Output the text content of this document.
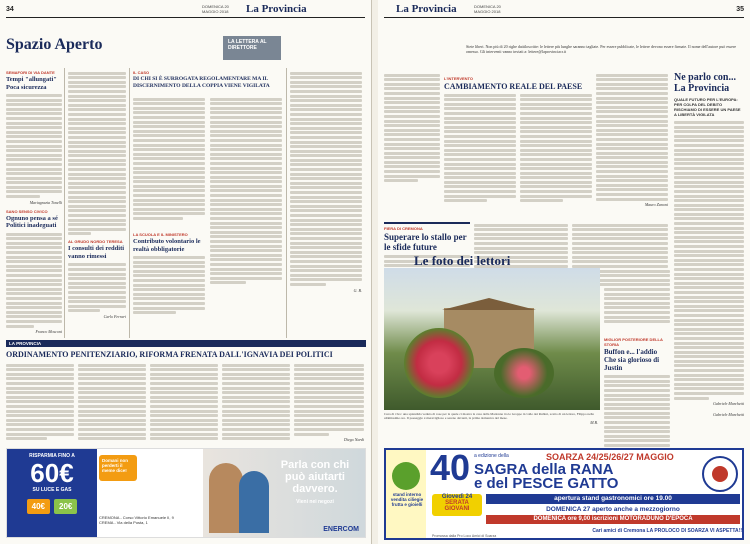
34	DOMENICA 20 MAGGIO 2018	La Provincia
Spazio Aperto	LA LETTERA AL DIRETTORE
SEMAFORI DI VIA DANTE
Tempi "allungati" Poca sicurezza
Mariagrazia Tonelli
SANO SENSO CIVICO
Ognuno pensa a sé Politici inadeguati
Franco Mosconi
AL GRUDO NORDO TERESA
I consulti dei redditi vanno rimessi
Carlo Ferrari
IL CASO
DI CHI SI È SURROGATA REGOLAMENTARE MA IL DISCERNIMENTO DELLA COPPIA VIENE VIGILATA
LA SCUOLA E IL MINISTERO
Contributo volontario le realtà obbligatorie
G. B.
LA PROVINCIA
ORDINAMENTO PENITENZIARIO, RIFORMA FRENATA DALL'IGNAVIA DEI POLITICI
Diego Nardi
RISPARMIA FINO A
60€
SU LUCE E GAS
40€	20€
Domani non perderti il meme dice!
CREMONA - Corso Vittorio Emanuele II, 9
CREMA - Via della Posta, 1
Parla con chi
può aiutarti
davvero.
Vieni nei negozi
ENERCOM
La Provincia	DOMENICA 20 MAGGIO 2018	35
Siete liberi. Non più di 20 righe dattiloscritte: le lettere più lunghe saranno tagliate. Per essere pubblicate, le lettere devono essere firmate. Il nome dell'autore può essere omesso. Gli interventi vanno inviati a: lettere@laprovinciacr.it
L'INTERVENTO
CAMBIAMENTO REALE DEL PAESE
Mauro Zanoni
Ne parlo con...
La Provincia
QUALE FUTURO PER L'EUROPA: PER COLPA DEL DEBITO RISCHIAMO DI ESSERE UN PAESE A LIBERTÀ VIGILATA
Gabriele Marchetti
FIERA DI CREMONA
Superare lo stallo per le sfide future
Le foto dei lettori
MIGLIOR POSTERIORE DELLA STORIA
Buffon e... l'addio Che sia glorioso di Justin
Gabriele Marchetti
Cura di vivo: una splendida veduta di rose per la quale ci mostra la casa della Madonna tra le Groppe in valle dei Rubini, scatto di un lettore, Filippo nelle ultimissime ore. Il paesaggio è meraviglioso e sereno davanti, la prima domenica del mese.
M.B.
stand interno vendita ciliegie frutta e gioielli
40 a edizione della	SOARZA 24/25/26/27 MAGGIO
SAGRA della RANA
e del PESCE GATTO
Giovedì 24
SERATA GIOVANI
apertura stand gastronomici ore 19.00
DOMENICA 27 aperto anche a mezzogiorno
DOMENICA ore 9,00 iscrizioni MOTORADUNO D'EPOCA
Cari amici di Cremona LA PROLOCO DI SOARZA VI ASPETTA!!
Promossa dalla Pro Loco Amici di Soarza
